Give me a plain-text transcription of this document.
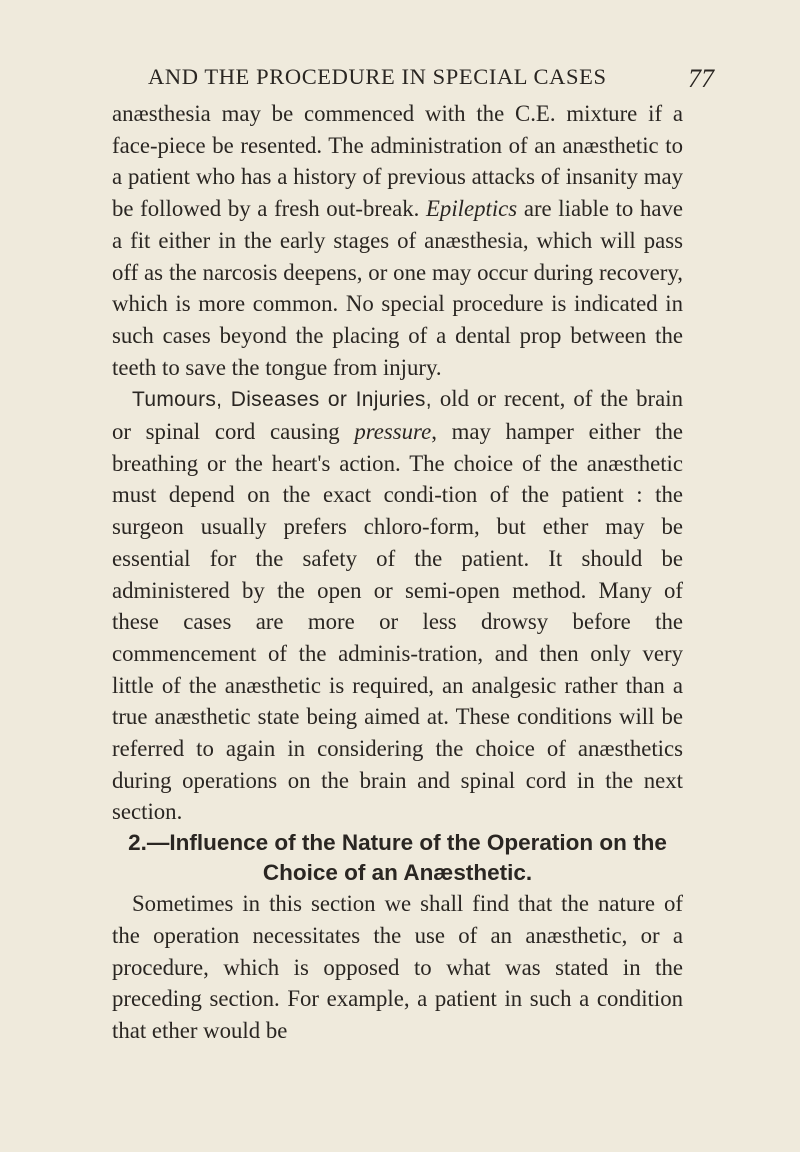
AND THE PROCEDURE IN SPECIAL CASES	77

anæsthesia may be commenced with the C.E. mixture if a face-piece be resented. The administration of an anæsthetic to a patient who has a history of previous attacks of insanity may be followed by a fresh out-break. Epileptics are liable to have a fit either in the early stages of anæsthesia, which will pass off as the narcosis deepens, or one may occur during recovery, which is more common. No special procedure is indicated in such cases beyond the placing of a dental prop between the teeth to save the tongue from injury.

Tumours, Diseases or Injuries, old or recent, of the brain or spinal cord causing pressure, may hamper either the breathing or the heart's action. The choice of the anæsthetic must depend on the exact condi-tion of the patient : the surgeon usually prefers chloro-form, but ether may be essential for the safety of the patient. It should be administered by the open or semi-open method. Many of these cases are more or less drowsy before the commencement of the adminis-tration, and then only very little of the anæsthetic is required, an analgesic rather than a true anæsthetic state being aimed at. These conditions will be referred to again in considering the choice of anæsthetics during operations on the brain and spinal cord in the next section.

2.—Influence of the Nature of the Operation on the Choice of an Anæsthetic.

Sometimes in this section we shall find that the nature of the operation necessitates the use of an anæsthetic, or a procedure, which is opposed to what was stated in the preceding section. For example, a patient in such a condition that ether would be
